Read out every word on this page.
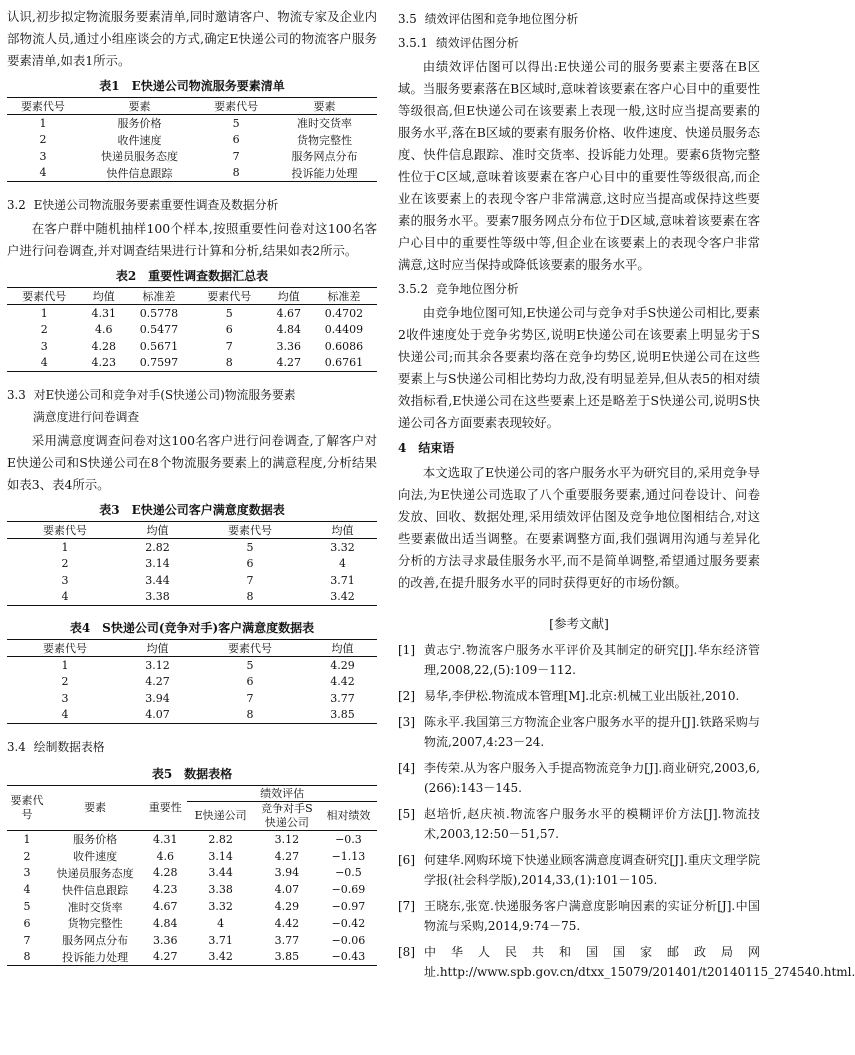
认识,初步拟定物流服务要素清单,同时邀请客户、物流专家及企业内部物流人员,通过小组座谈会的方式,确定E快递公司的物流客户服务要素清单,如表1所示。

表1　E快递公司物流服务要素清单
要素代号	要素	要素代号	要素
1	服务价格	5	准时交货率
2	收件速度	6	货物完整性
3	快递员服务态度	7	服务网点分布
4	快件信息跟踪	8	投诉能力处理
3.2 E快递公司物流服务要素重要性调查及数据分析

在客户群中随机抽样100个样本,按照重要性问卷对这100名客户进行问卷调查,并对调查结果进行计算和分析,结果如表2所示。

表2　重要性调查数据汇总表
要素代号	均值	标准差	要素代号	均值	标准差
1	4.31	0.5778	5	4.67	0.4702
2	4.6	0.5477	6	4.84	0.4409
3	4.28	0.5671	7	3.36	0.6086
4	4.23	0.7597	8	4.27	0.6761
3.3 对E快递公司和竞争对手(S快递公司)物流服务要素
满意度进行问卷调查

采用满意度调查问卷对这100名客户进行问卷调查,了解客户对E快递公司和S快递公司在8个物流服务要素上的满意程度,分析结果如表3、表4所示。

表3　E快递公司客户满意度数据表
要素代号	均值	要素代号	均值
1	2.82	5	3.32
2	3.14	6	4
3	3.44	7	3.71
4	3.38	8	3.42
表4　S快递公司(竞争对手)客户满意度数据表
要素代号	均值	要素代号	均值
1	3.12	5	4.29
2	4.27	6	4.42
3	3.94	7	3.77
4	4.07	8	3.85
3.4 绘制数据表格
表5　数据表格
要素代号	要素	重要性	绩效评估		
			E快递公司	竞争对手S快递公司	相对绩效
1	服务价格	4.31	2.82	3.12	−0.3
2	收件速度	4.6	3.14	4.27	−1.13
3	快递员服务态度	4.28	3.44	3.94	−0.5
4	快件信息跟踪	4.23	3.38	4.07	−0.69
5	准时交货率	4.67	3.32	4.29	−0.97
6	货物完整性	4.84	4	4.42	−0.42
7	服务网点分布	3.36	3.71	3.77	−0.06
8	投诉能力处理	4.27	3.42	3.85	−0.43
3.5 绩效评估图和竞争地位图分析
3.5.1 绩效评估图分析

由绩效评估图可以得出:E快递公司的服务要素主要落在B区域。当服务要素落在B区域时,意味着该要素在客户心目中的重要性等级很高,但E快递公司在该要素上表现一般,这时应当提高要素的服务水平,落在B区域的要素有服务价格、收件速度、快递员服务态度、快件信息跟踪、准时交货率、投诉能力处理。要素6货物完整性位于C区域,意味着该要素在客户心目中的重要性等级很高,而企业在该要素上的表现令客户非常满意,这时应当提高或保持这些要素的服务水平。要素7服务网点分布位于D区域,意味着该要素在客户心目中的重要性等级中等,但企业在该要素上的表现令客户非常满意,这时应当保持或降低该要素的服务水平。

3.5.2 竞争地位图分析

由竞争地位图可知,E快递公司与竞争对手S快递公司相比,要素2收件速度处于竞争劣势区,说明E快递公司在该要素上明显劣于S快递公司;而其余各要素均落在竞争均势区,说明E快递公司在这些要素上与S快递公司相比势均力敌,没有明显差异,但从表5的相对绩效指标看,E快递公司在这些要素上还是略差于S快递公司,说明S快递公司各方面要素表现较好。

4 结束语

本文选取了E快递公司的客户服务水平为研究目的,采用竞争导向法,为E快递公司选取了八个重要服务要素,通过问卷设计、问卷发放、回收、数据处理,采用绩效评估图及竞争地位图相结合,对这些要素做出适当调整。在要素调整方面,我们强调用沟通与差异化分析的方法寻求最佳服务水平,而不是简单调整,希望通过服务要素的改善,在提升服务水平的同时获得更好的市场份额。

[参考文献]
[1] 黄志宁.物流客户服务水平评价及其制定的研究[J].华东经济管理,2008,22,(5):109－112.
[2] 易华,李伊松.物流成本管理[M].北京:机械工业出版社,2010.
[3] 陈永平.我国第三方物流企业客户服务水平的提升[J].铁路采购与物流,2007,4:23－24.
[4] 李传荣.从为客户服务入手提高物流竞争力[J].商业研究,2003,6,(266):143－145.
[5] 赵培忻,赵庆祯.物流客户服务水平的模糊评价方法[J].物流技术,2003,12:50－51,57.
[6] 何建华.网购环境下快递业顾客满意度调查研究[J].重庆文理学院学报(社会科学版),2014,33,(1):101－105.
[7] 王晓东,张宽.快递服务客户满意度影响因素的实证分析[J].中国物流与采购,2014,9:74－75.
[8] 中华人民共和国国家邮政局网址.http://www.spb.gov.cn/dtxx_15079/201401/t20140115_274540.html.
